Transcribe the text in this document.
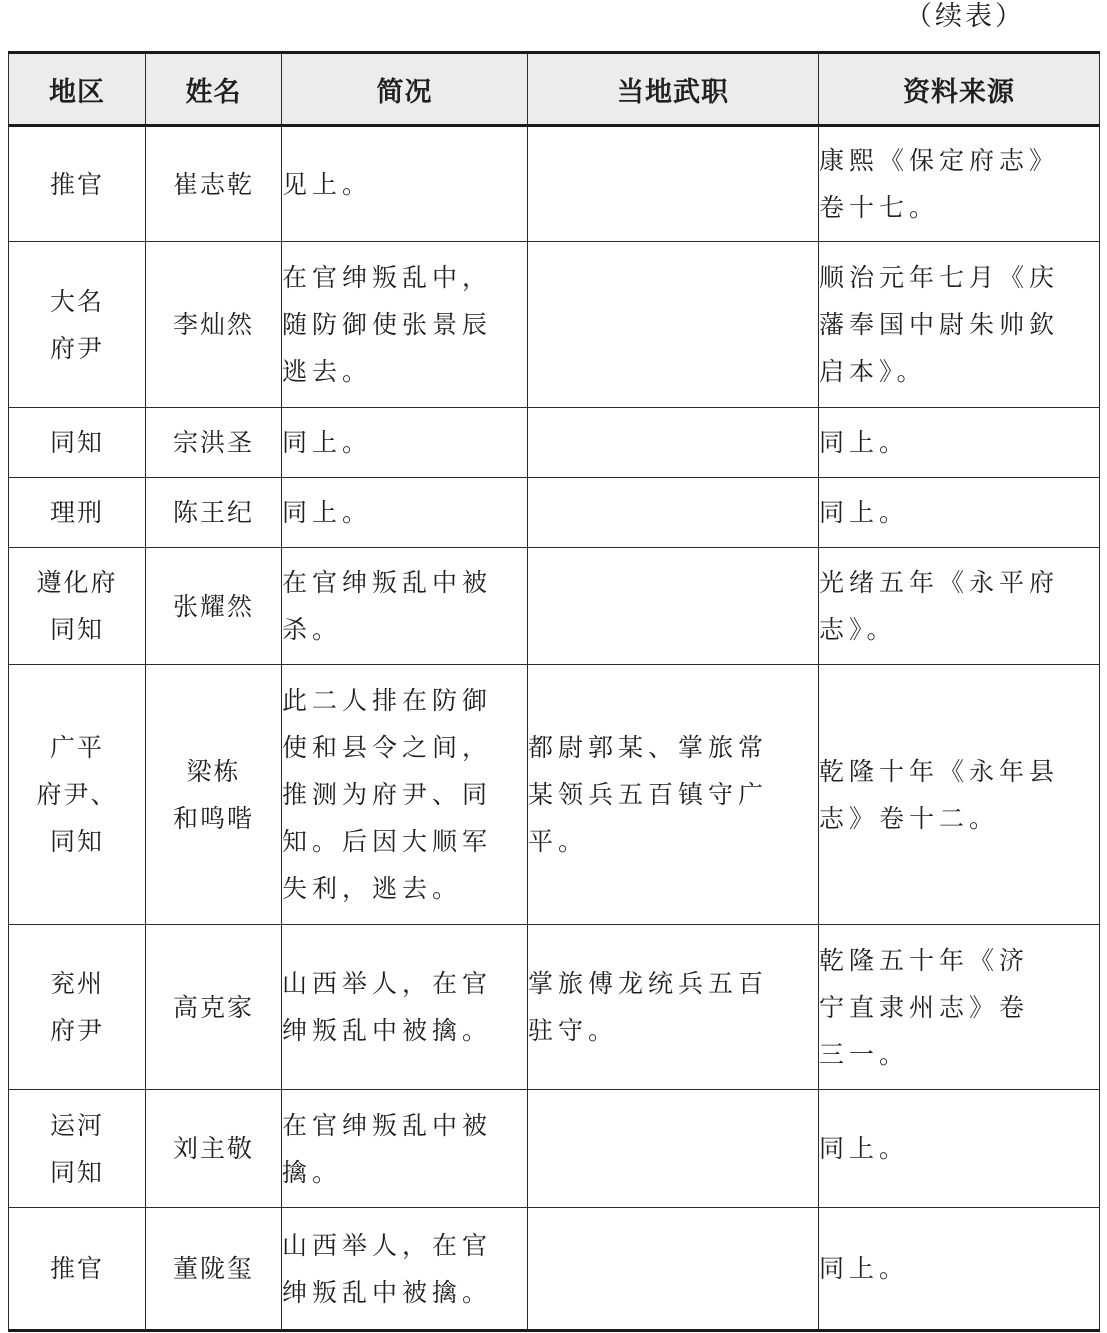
（续表）
地区	姓名	简况	当地武职	资料来源

推官	崔志乾	见上。		康熙《保定府志》
卷十七。

大名
府尹	李灿然	在官绅叛乱中，
随防御使张景辰
逃去。		顺治元年七月《庆
藩奉国中尉朱帅欽
启本》。

同知	宗洪圣	同上。		同上。

理刑	陈王纪	同上。		同上。

遵化府
同知	张耀然	在官绅叛乱中被
杀。		光绪五年《永平府
志》。

广平
府尹、
同知	梁栋
和鸣喈	此二人排在防御
使和县令之间，
推测为府尹、同
知。后因大顺军
失利，逃去。	都尉郭某、掌旅常
某领兵五百镇守广
平。	乾隆十年《永年县
志》卷十二。

兖州
府尹	高克家	山西举人，在官
绅叛乱中被擒。	掌旅傅龙统兵五百
驻守。	乾隆五十年《济
宁直隶州志》卷
三一。

运河
同知	刘主敬	在官绅叛乱中被
擒。		同上。

推官	董陇玺	山西举人，在官
绅叛乱中被擒。		同上。
